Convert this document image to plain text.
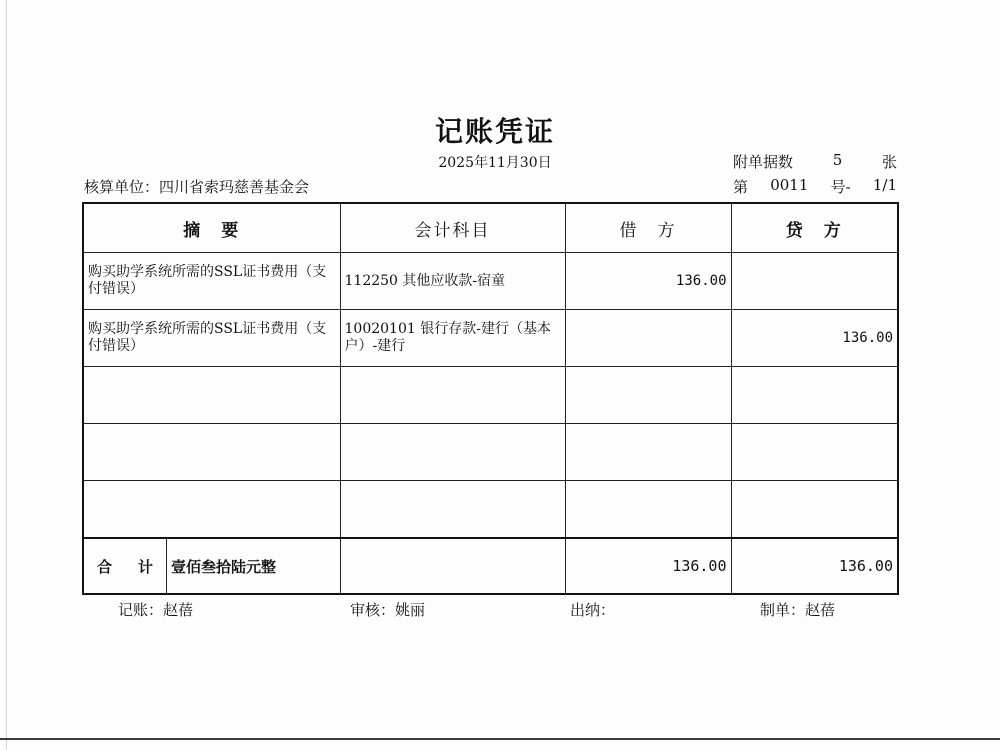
记账凭证
2025年11月30日	附单据数	5	张
核算单位：四川省索玛慈善基金会	第 0011 号- 1/1
摘　要	会计科目	借　方	贷　方
购买助学系统所需的SSL证书费用（支付错误）	112250 其他应收款-宿童	136.00	
购买助学系统所需的SSL证书费用（支付错误）	10020101 银行存款-建行（基本户）-建行		136.00

合 计 壹佰叁拾陆元整		136.00	136.00
记账：赵蓓	审核：姚丽	出纳：	制单：赵蓓
